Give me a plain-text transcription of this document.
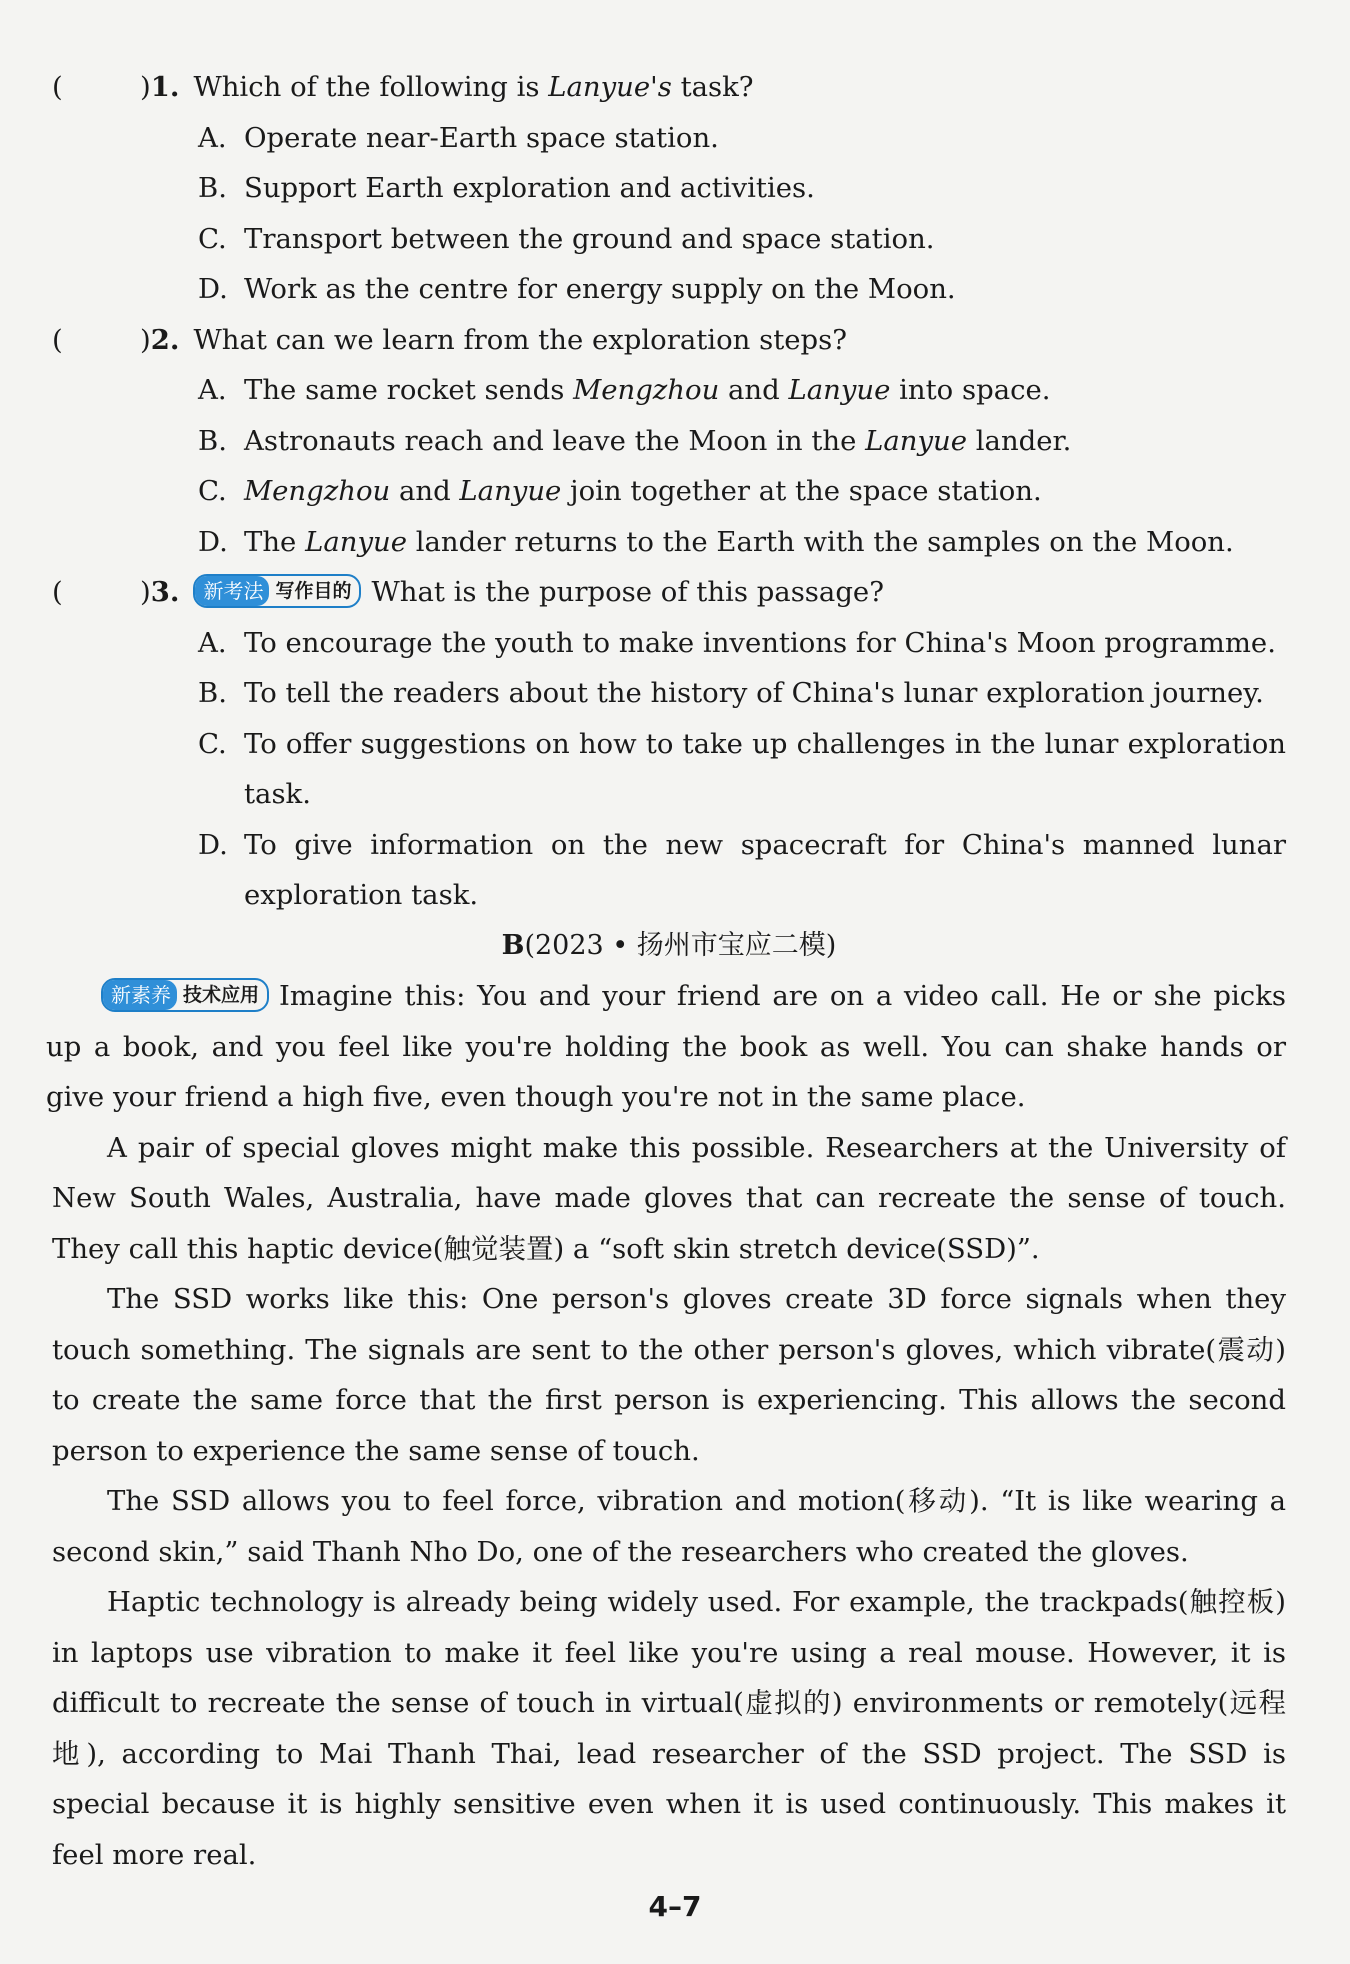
(	) 1. Which of the following is Lanyue's task?
A. Operate near-Earth space station.
B. Support Earth exploration and activities.
C. Transport between the ground and space station.
D. Work as the centre for energy supply on the Moon.
(	) 2. What can we learn from the exploration steps?
A. The same rocket sends Mengzhou and Lanyue into space.
B. Astronauts reach and leave the Moon in the Lanyue lander.
C. Mengzhou and Lanyue join together at the space station.
D. The Lanyue lander returns to the Earth with the samples on the Moon.
(	) 3.	新考法 写作目的 What is the purpose of this passage?
A. To encourage the youth to make inventions for China's Moon programme.
B. To tell the readers about the history of China's lunar exploration journey.
C. To offer suggestions on how to take up challenges in the lunar exploration task.
D. To give information on the new spacecraft for China's manned lunar exploration task.

B(2023 • 扬州市宝应二模)

新素养 技术应用 Imagine this: You and your friend are on a video call. He or she picks up a book, and you feel like you're holding the book as well. You can shake hands or give your friend a high five, even though you're not in the same place.

A pair of special gloves might make this possible. Researchers at the University of New South Wales, Australia, have made gloves that can recreate the sense of touch. They call this haptic device(触觉装置) a “soft skin stretch device(SSD)”.

The SSD works like this: One person's gloves create 3D force signals when they touch something. The signals are sent to the other person's gloves, which vibrate(震动) to create the same force that the first person is experiencing. This allows the second person to experience the same sense of touch.

The SSD allows you to feel force, vibration and motion(移动). “It is like wearing a second skin,” said Thanh Nho Do, one of the researchers who created the gloves.

Haptic technology is already being widely used. For example, the trackpads(触控板) in laptops use vibration to make it feel like you're using a real mouse. However, it is difficult to recreate the sense of touch in virtual(虚拟的) environments or remotely(远程地), according to Mai Thanh Thai, lead researcher of the SSD project. The SSD is special because it is highly sensitive even when it is used continuously. This makes it feel more real.

4–7
